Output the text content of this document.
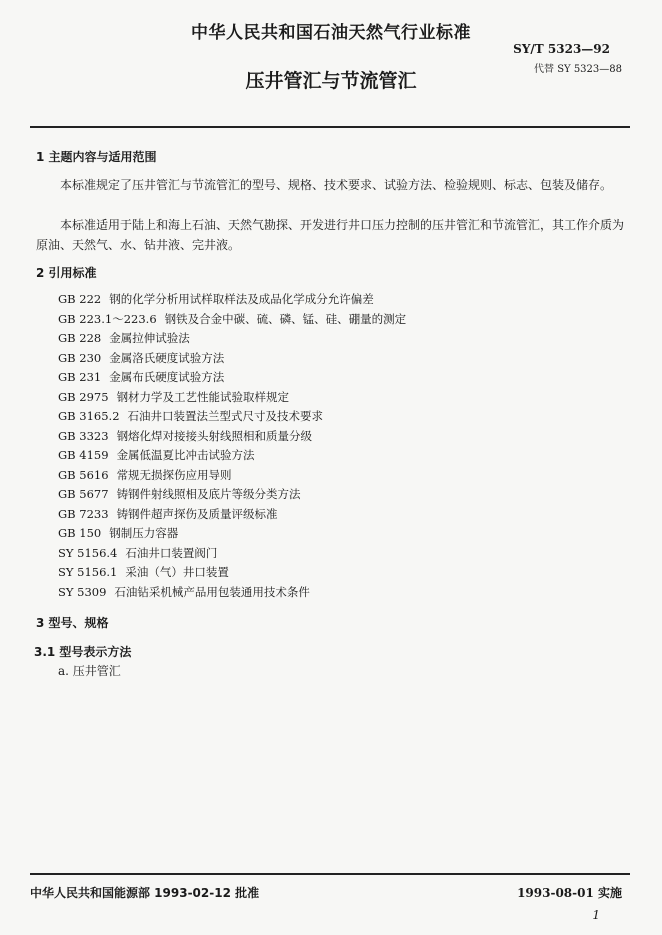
中华人民共和国石油天然气行业标准
SY/T 5323—92
代替 SY 5323—88
压井管汇与节流管汇
1 主题内容与适用范围
本标准规定了压井管汇与节流管汇的型号、规格、技术要求、试验方法、检验规则、标志、包装及储存。
本标准适用于陆上和海上石油、天然气勘探、开发进行井口压力控制的压井管汇和节流管汇，其工作介质为原油、天然气、水、钻井液、完井液。
2 引用标准
GB 222 钢的化学分析用试样取样法及成品化学成分允许偏差
GB 223.1～223.6 钢铁及合金中碳、硫、磷、锰、硅、硼量的测定
GB 228 金属拉伸试验法
GB 230 金属洛氏硬度试验方法
GB 231 金属布氏硬度试验方法
GB 2975 钢材力学及工艺性能试验取样规定
GB 3165.2 石油井口装置法兰型式尺寸及技术要求
GB 3323 钢熔化焊对接接头射线照相和质量分级
GB 4159 金属低温夏比冲击试验方法
GB 5616 常规无损探伤应用导则
GB 5677 铸钢件射线照相及底片等级分类方法
GB 7233 铸钢件超声探伤及质量评级标准
GB 150 钢制压力容器
SY 5156.4 石油井口装置阀门
SY 5156.1 采油（气）井口装置
SY 5309 石油钻采机械产品用包装通用技术条件
3 型号、规格
3.1 型号表示方法
a. 压井管汇
中华人民共和国能源部 1993-02-12 批准	1993-08-01 实施
1
